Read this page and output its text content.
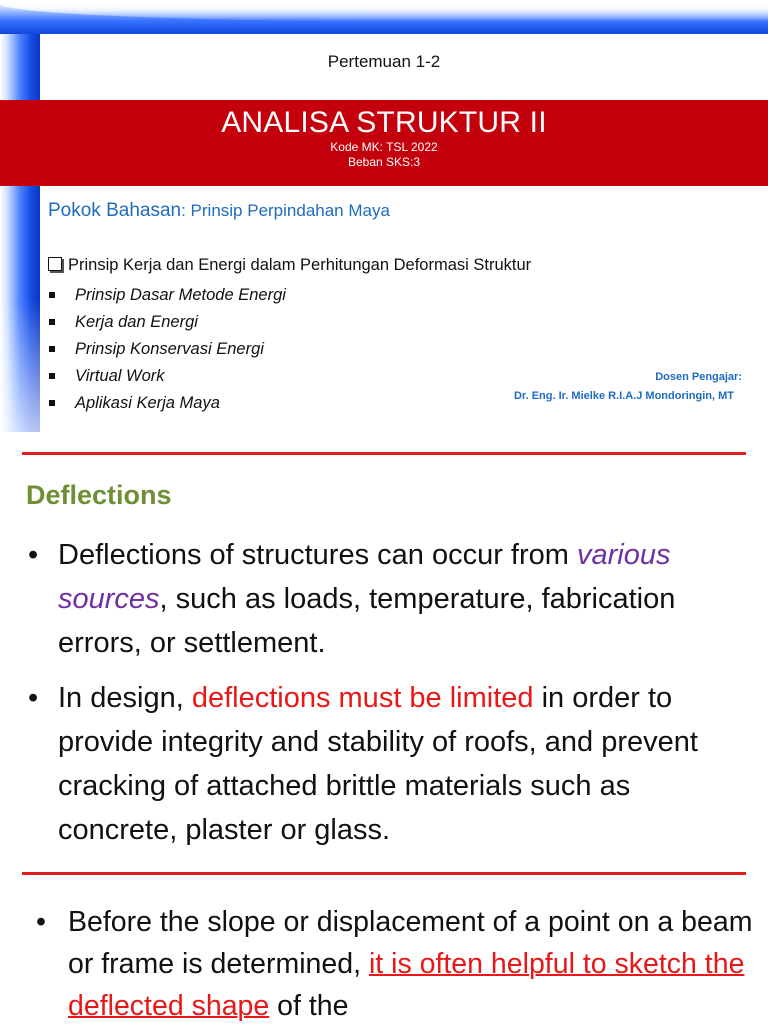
Pertemuan 1-2
ANALISA STRUKTUR II
Kode MK: TSL 2022
Beban SKS:3
Pokok Bahasan: Prinsip Perpindahan Maya
Prinsip Kerja dan Energi dalam Perhitungan Deformasi Struktur
Prinsip Dasar Metode Energi
Kerja dan Energi
Prinsip Konservasi Energi
Virtual Work
Aplikasi Kerja Maya
Dosen Pengajar:
Dr. Eng. Ir. Mielke R.I.A.J Mondoringin, MT
Deflections
• Deflections of structures can occur from various sources, such as loads, temperature, fabrication errors, or settlement.
• In design, deflections must be limited in order to provide integrity and stability of roofs, and prevent cracking of attached brittle materials such as concrete, plaster or glass.
• Before the slope or displacement of a point on a beam or frame is determined, it is often helpful to sketch the deflected shape of the
